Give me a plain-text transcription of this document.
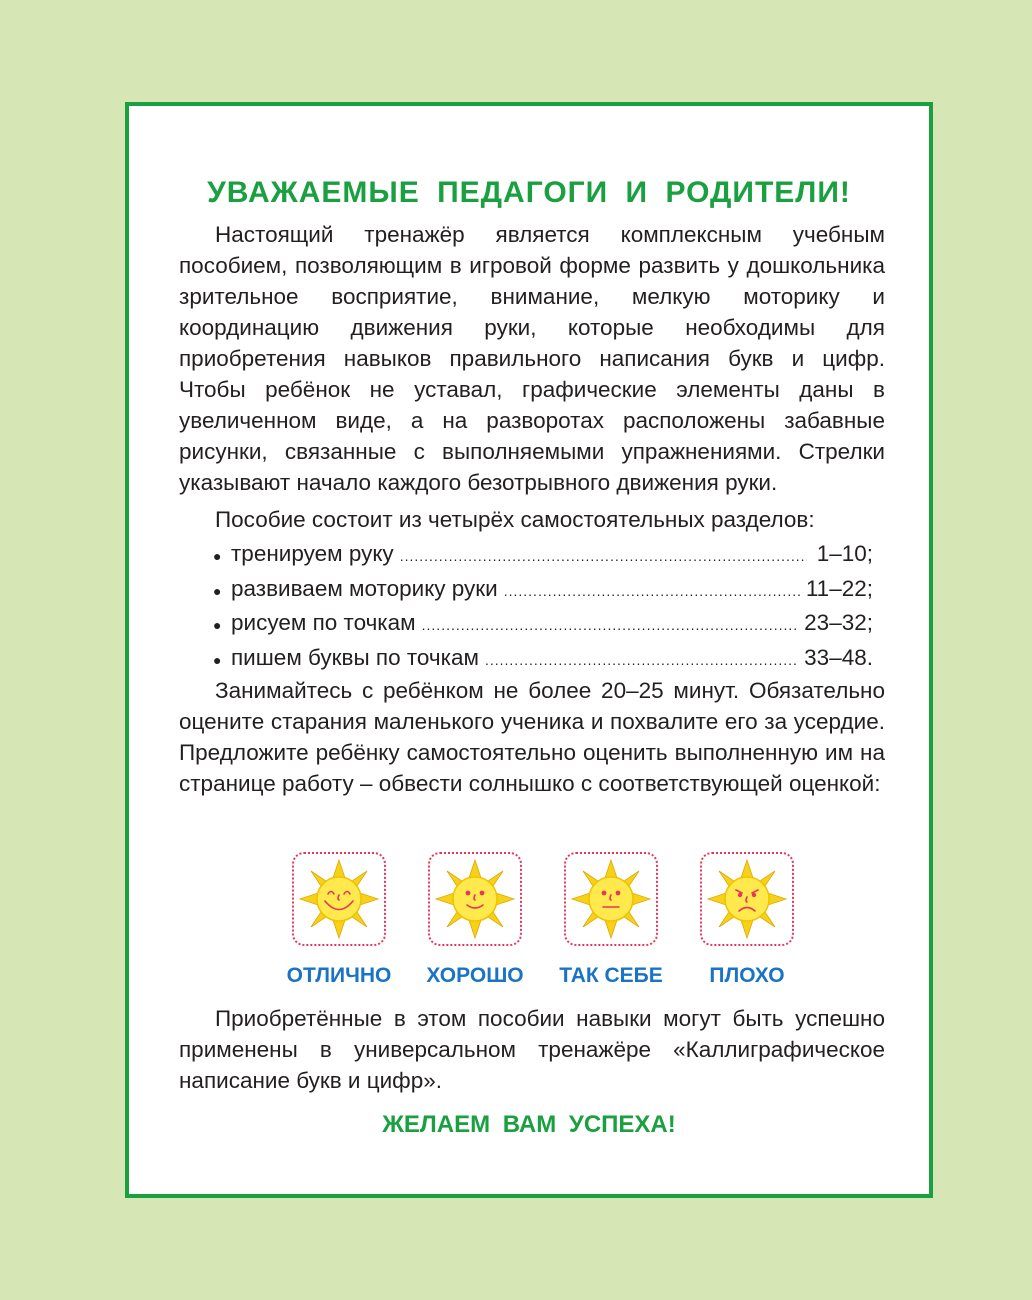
УВАЖАЕМЫЕ ПЕДАГОГИ И РОДИТЕЛИ!

Настоящий тренажёр является комплексным учебным пособием, позволяющим в игровой форме развить у дошкольника зрительное восприятие, внимание, мелкую моторику и координацию движения руки, которые необходимы для приобретения навыков правильного написания букв и цифр. Чтобы ребёнок не уставал, графические элементы даны в увеличенном виде, а на разворотах расположены забавные рисунки, связанные с выполняемыми упражнениями. Стрелки указывают начало каждого безотрывного движения руки.

Пособие состоит из четырёх самостоятельных разделов:

● тренируем руку .....	1–10;
● развиваем моторику руки .....	11–22;
● рисуем по точкам .....	23–32;
● пишем буквы по точкам .....	33–48.

Занимайтесь с ребёнком не более 20–25 минут. Обязательно оцените старания маленького ученика и похвалите его за усердие. Предложите ребёнку самостоятельно оценить выполненную им на странице работу – обвести солнышко с соответствующей оценкой:

ОТЛИЧНО	ХОРОШО	ТАК СЕБЕ	ПЛОХО

Приобретённые в этом пособии навыки могут быть успешно применены в универсальном тренажёре «Каллиграфическое написание букв и цифр».

ЖЕЛАЕМ ВАМ УСПЕХА!
